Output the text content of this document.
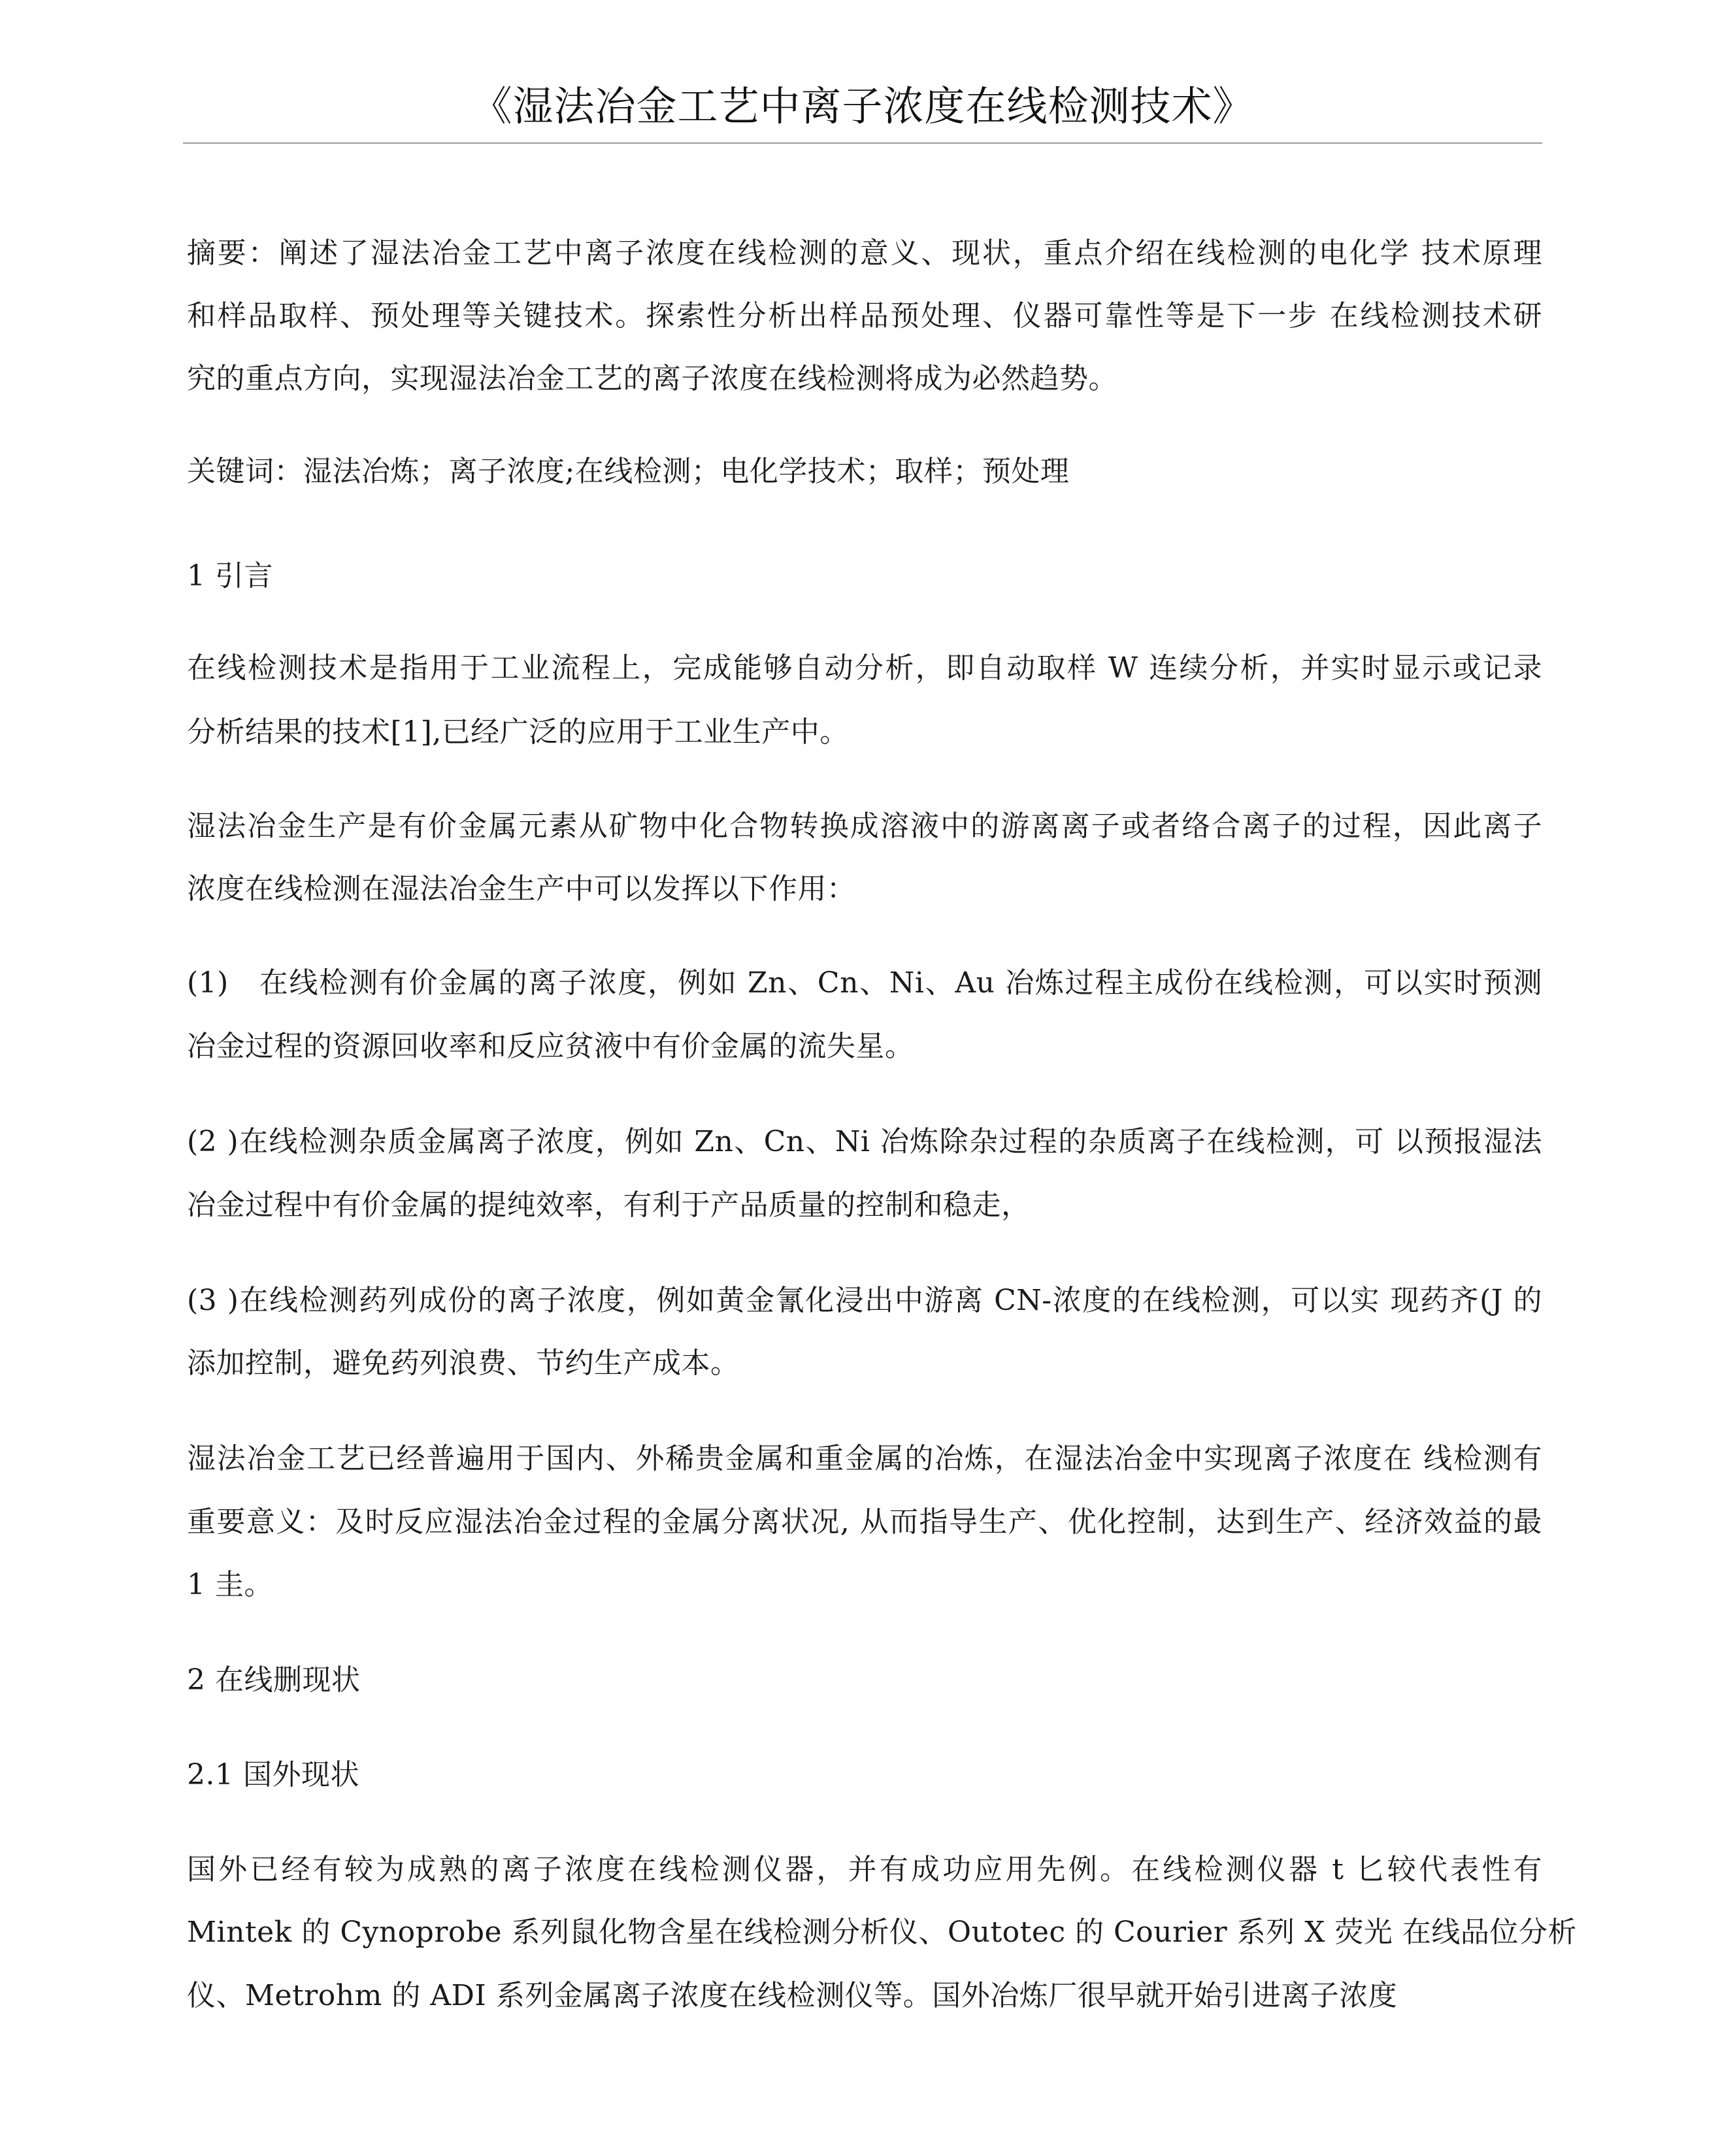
《湿法冶金工艺中离子浓度在线检测技术》
摘要：阐述了湿法冶金工艺中离子浓度在线检测的意义、现状，重点介绍在线检测的电化学 技术原理
和样品取样、预处理等关键技术。探索性分析出样品预处理、仪器可靠性等是下一步 在线检测技术研
究的重点方向，实现湿法冶金工艺的离子浓度在线检测将成为必然趋势。
关键词：湿法冶炼；离子浓度;在线检测；电化学技术；取样；预处理
1 引言
在线检测技术是指用于工业流程上，完成能够自动分析，即自动取样 W 连续分析，并实时显示或记录
分析结果的技术[1],已经广泛的应用于工业生产中。
湿法冶金生产是有价金属元素从矿物中化合物转换成溶液中的游离离子或者络合离子的过程，因此离子
浓度在线检测在湿法冶金生产中可以发挥以下作用：
(1)　在线检测有价金属的离子浓度，例如 Zn、Cn、Ni、Au 冶炼过程主成份在线检测，可以实时预测
冶金过程的资源回收率和反应贫液中有价金属的流失星。
(2 )在线检测杂质金属离子浓度，例如 Zn、Cn、Ni 冶炼除杂过程的杂质离子在线检测，可 以预报湿法
冶金过程中有价金属的提纯效率，有利于产品质量的控制和稳走，
(3 )在线检测药列成份的离子浓度，例如黄金氰化浸出中游离 CN-浓度的在线检测，可以实 现药齐(J 的
添加控制，避免药列浪费、节约生产成本。
湿法冶金工艺已经普遍用于国内、外稀贵金属和重金属的冶炼，在湿法冶金中实现离子浓度在 线检测有
重要意义：及时反应湿法冶金过程的金属分离状况, 从而指导生产、优化控制，达到生产、经济效益的最
1 圭。
2 在线删现状
2.1 国外现状
国外已经有较为成熟的离子浓度在线检测仪器，并有成功应用先例。在线检测仪器 t 匕较代表性有
Mintek 的 Cynoprobe 系列鼠化物含星在线检测分析仪、Outotec 的 Courier 系列 X 荧光 在线品位分析
仪、Metrohm 的 ADI 系列金属离子浓度在线检测仪等。国外冶炼厂很早就开始引进离子浓度
